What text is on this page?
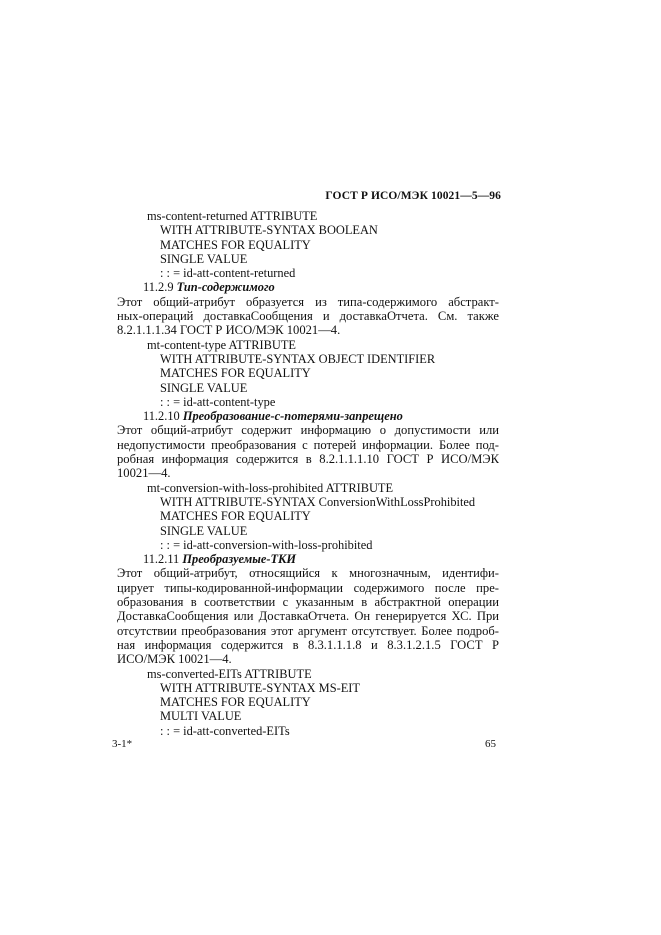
ГОСТ Р ИСО/МЭК 10021—5—96
ms-content-returned ATTRIBUTE
WITH ATTRIBUTE-SYNTAX BOOLEAN
MATCHES FOR EQUALITY
SINGLE VALUE
: : = id-att-content-returned
11.2.9 Тип-содержимого
Этот общий-атрибут образуется из типа-содержимого абстракт-
ных-операций доставкаСообщения и доставкаОтчета. См. также
8.2.1.1.1.34 ГОСТ Р ИСО/МЭК 10021—4.
mt-content-type ATTRIBUTE
WITH ATTRIBUTE-SYNTAX OBJECT IDENTIFIER
MATCHES FOR EQUALITY
SINGLE VALUE
: : = id-att-content-type
11.2.10 Преобразование-с-потерями-запрещено
Этот общий-атрибут содержит информацию о допустимости или
недопустимости преобразования с потерей информации. Более под-
робная информация содержится в 8.2.1.1.1.10 ГОСТ Р ИСО/МЭК
10021—4.
mt-conversion-with-loss-prohibited ATTRIBUTE
WITH ATTRIBUTE-SYNTAX ConversionWithLossProhibited
MATCHES FOR EQUALITY
SINGLE VALUE
: : = id-att-conversion-with-loss-prohibited
11.2.11 Преобразуемые-ТКИ
Этот общий-атрибут, относящийся к многозначным, идентифи-
цирует типы-кодированной-информации содержимого после пре-
образования в соответствии с указанным в абстрактной операции
ДоставкаСообщения или ДоставкаОтчета. Он генерируется ХС. При
отсутствии преобразования этот аргумент отсутствует. Более подроб-
ная информация содержится в 8.3.1.1.1.8 и 8.3.1.2.1.5 ГОСТ Р
ИСО/МЭК 10021—4.
ms-converted-EITs ATTRIBUTE
WITH ATTRIBUTE-SYNTAX MS-EIT
MATCHES FOR EQUALITY
MULTI VALUE
: : = id-att-converted-EITs
3-1*	65
